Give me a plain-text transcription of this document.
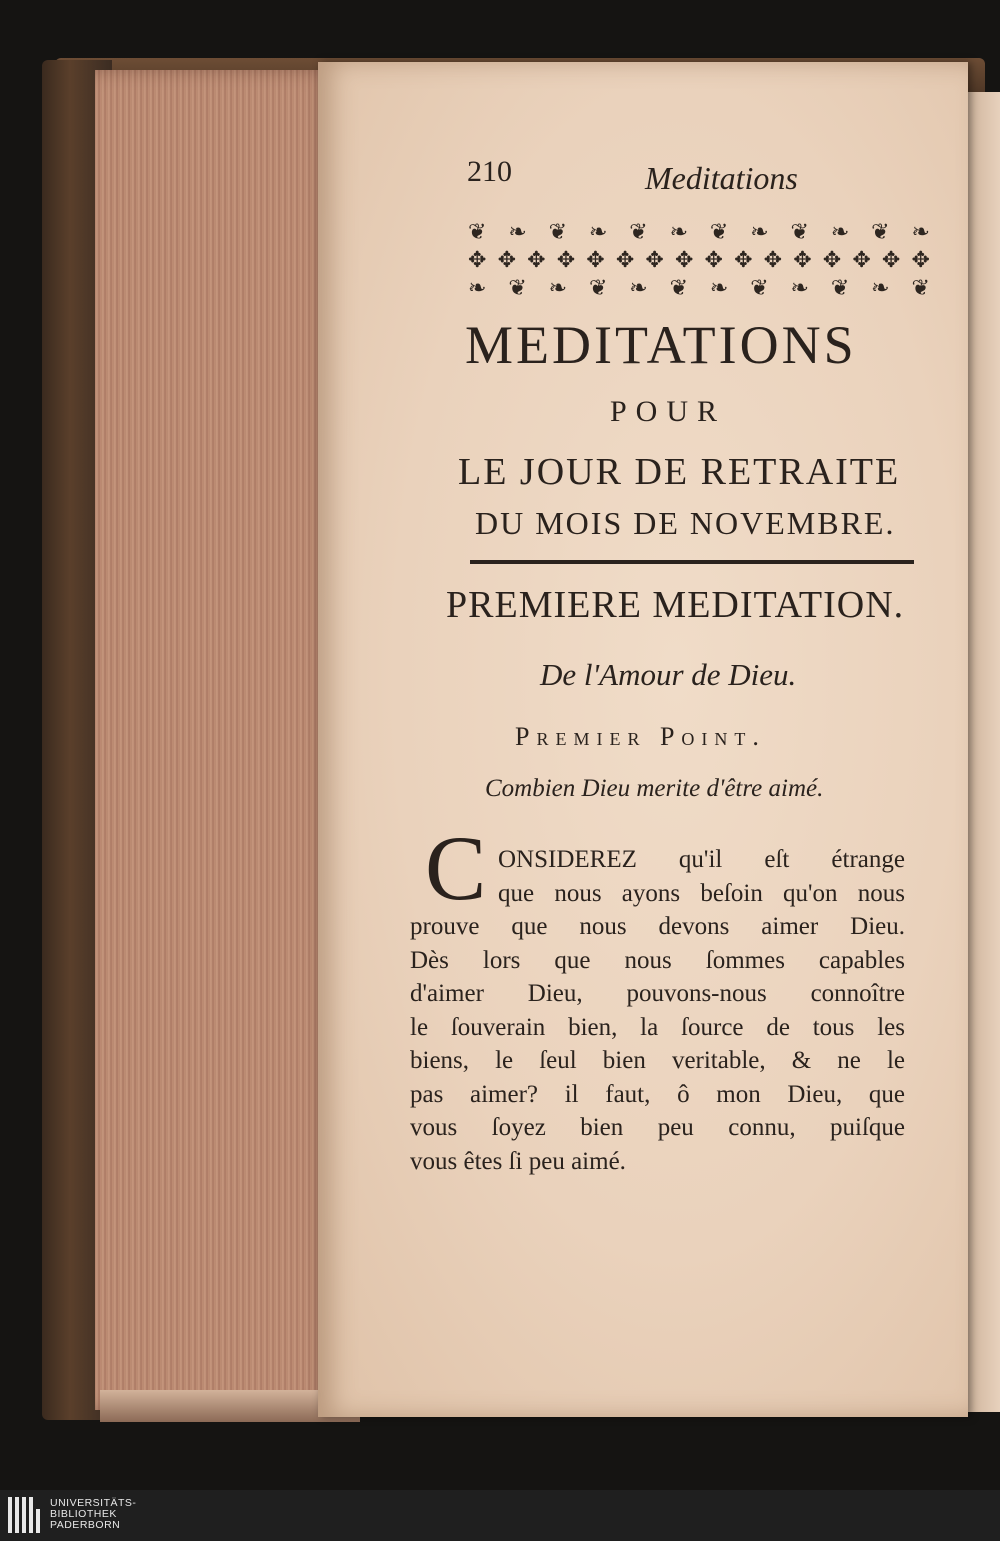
210	Meditations
❦ ❧ ❦ ❧ ❦ ❧ ❦ ❧ ❦ ❧ ❦ ❧
✥ ✥ ✥ ✥ ✥ ✥ ✥ ✥ ✥ ✥ ✥ ✥ ✥ ✥ ✥ ✥
❧ ❦ ❧ ❦ ❧ ❦ ❧ ❦ ❧ ❦ ❧ ❦
MEDITATIONS
POUR
LE JOUR DE RETRAITE
DU MOIS DE NOVEMBRE.
PREMIERE MEDITATION.
De l'Amour de Dieu.
Premier Point.
Combien Dieu merite d'être aimé.
C ONSIDEREZ qu'il eſt étrange
que nous ayons beſoin qu'on nous
prouve que nous devons aimer Dieu.
Dès lors que nous ſommes capables
d'aimer Dieu, pouvons-nous connoître
le ſouverain bien, la ſource de tous les
biens, le ſeul bien veritable, & ne le
pas aimer? il faut, ô mon Dieu, que
vous ſoyez bien peu connu, puiſque
vous êtes ſi peu aimé.
UNIVERSITÄTS-
BIBLIOTHEK
PADERBORN
